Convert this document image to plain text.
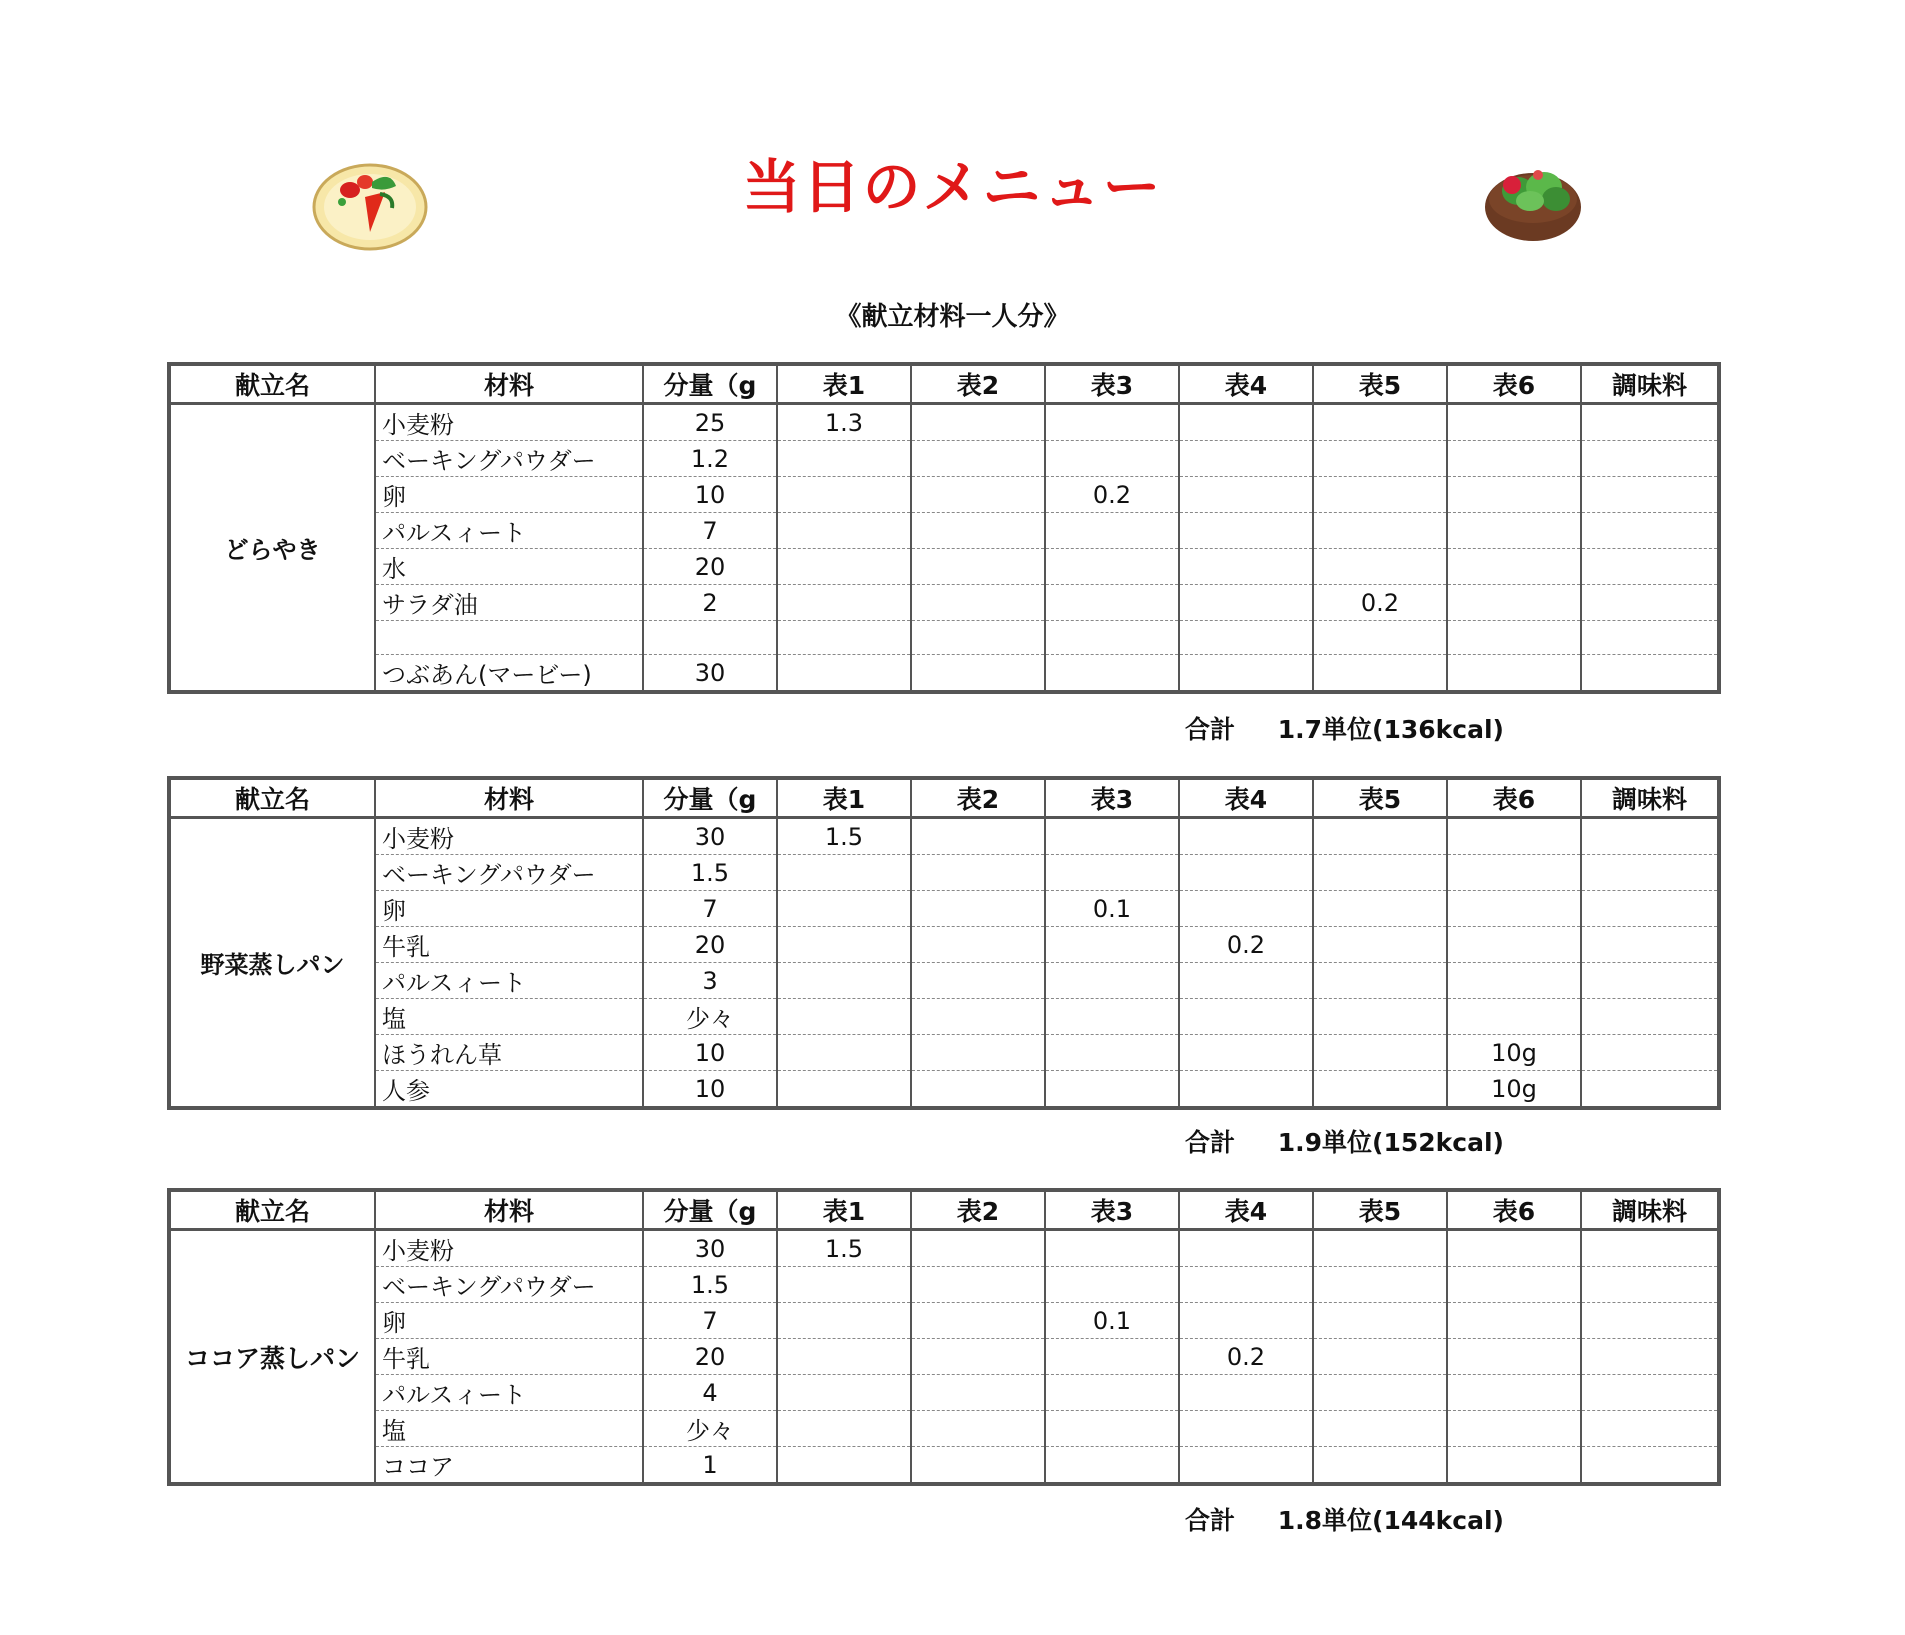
当日のメニュー
《献立材料一人分》
献立名	材料	分量（g	表1	表2	表3	表4	表5	表6	調味料
どらやき	小麦粉	25	1.3						
	ベーキングパウダー	1.2							
	卵	10			0.2				
	パルスィート	7							
	水	20							
	サラダ油	2					0.2		

	つぶあん(マービー)	30							
合計 1.7単位(136kcal)
献立名	材料	分量（g	表1	表2	表3	表4	表5	表6	調味料
野菜蒸しパン	小麦粉	30	1.5						
	ベーキングパウダー	1.5							
	卵	7			0.1				
	牛乳	20				0.2			
	パルスィート	3							
	塩	少々							
	ほうれん草	10						10g	
	人参	10						10g	
合計 1.9単位(152kcal)
献立名	材料	分量（g	表1	表2	表3	表4	表5	表6	調味料
ココア蒸しパン	小麦粉	30	1.5						
	ベーキングパウダー	1.5							
	卵	7			0.1				
	牛乳	20				0.2			
	パルスィート	4							
	塩	少々							
	ココア	1							
合計 1.8単位(144kcal)
